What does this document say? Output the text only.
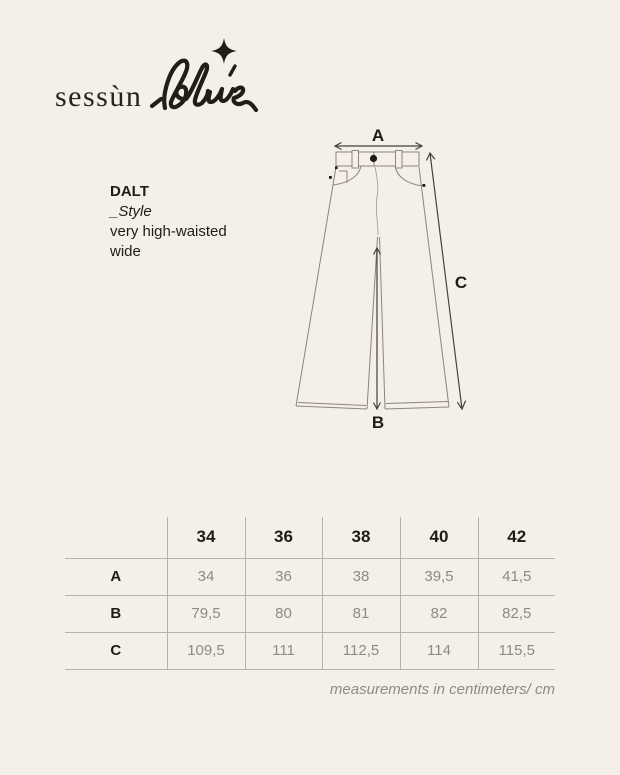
sessùn
DALT
_Style
very high-waisted
wide
A
B
C
	34	36	38	40	42
A	34	36	38	39,5	41,5
B	79,5	80	81	82	82,5
C	109,5	111	112,5	114	115,5
measurements in centimeters/ cm
